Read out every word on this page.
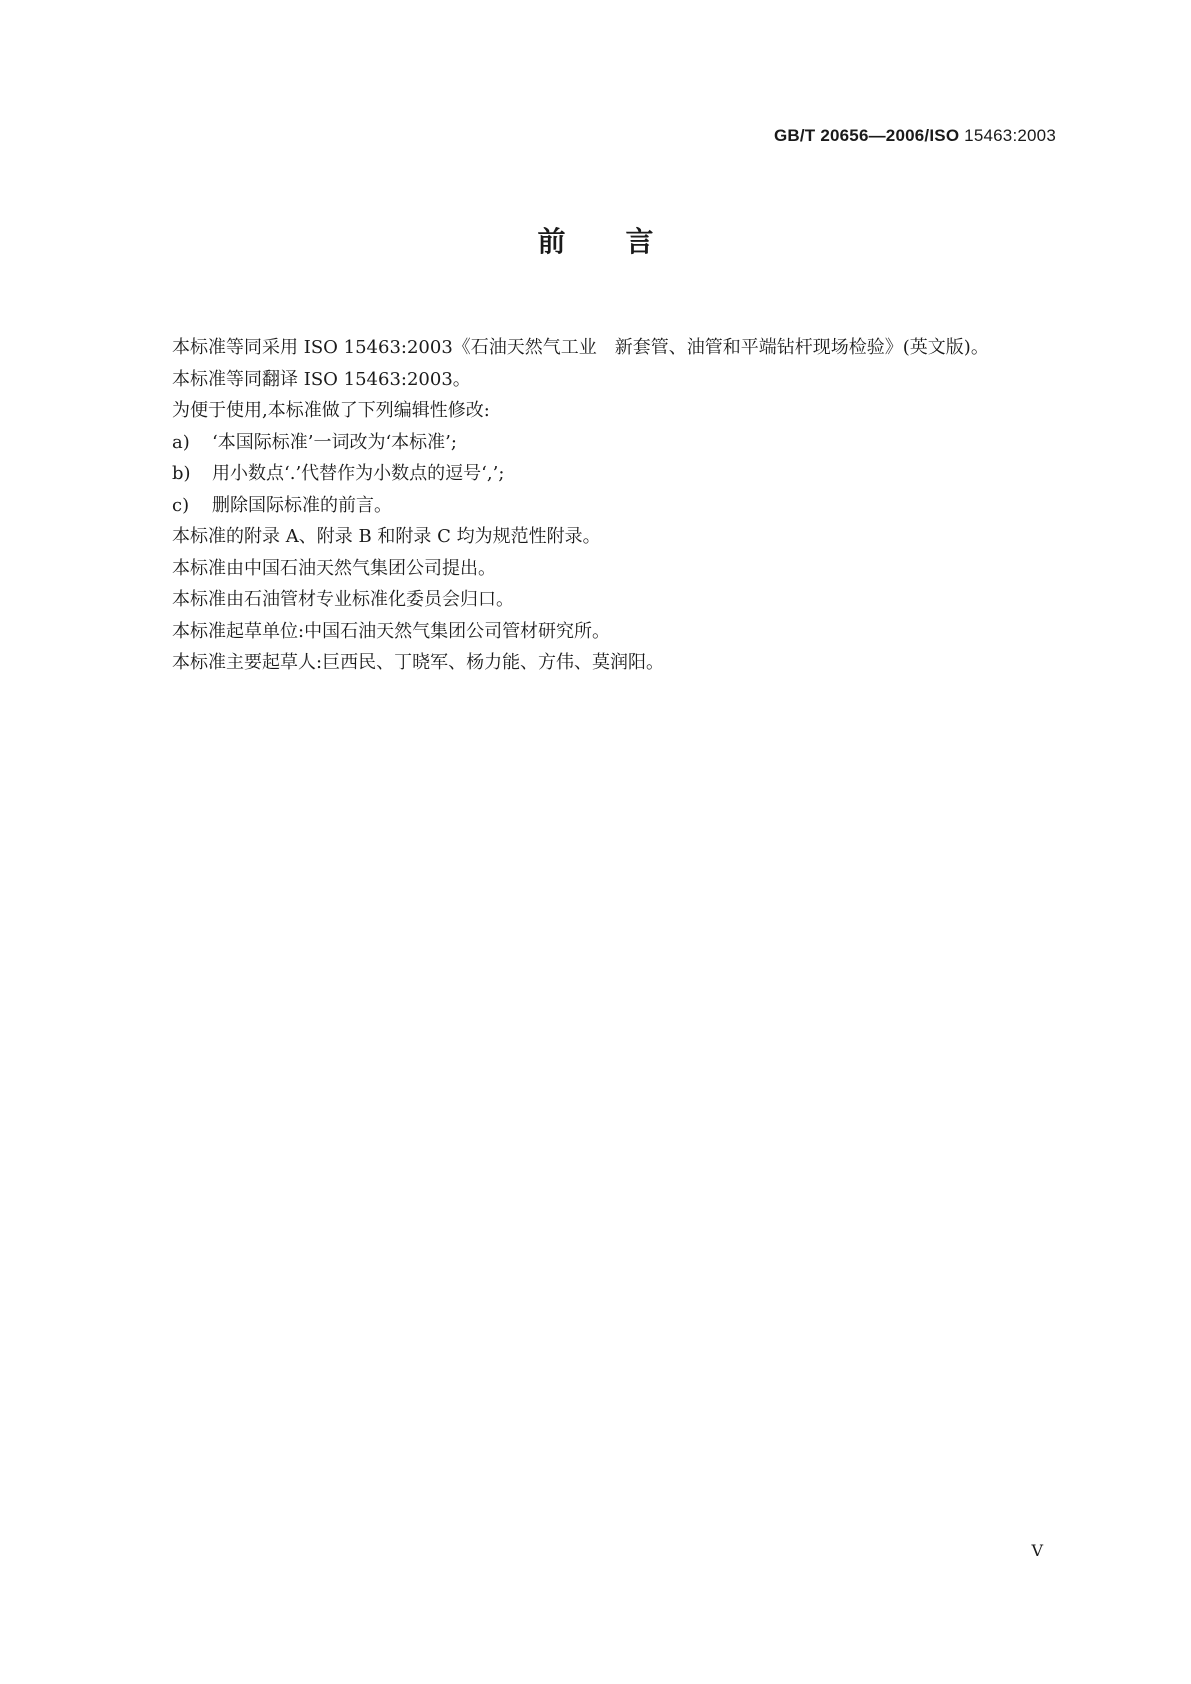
GB/T 20656—2006/ISO 15463:2003
前言

本标准等同采用 ISO 15463:2003《石油天然气工业　新套管、油管和平端钻杆现场检验》(英文版)。

本标准等同翻译 ISO 15463:2003。

为便于使用,本标准做了下列编辑性修改:

a) ‘本国际标准’一词改为‘本标准’;

b) 用小数点‘.’代替作为小数点的逗号‘,’;

c) 删除国际标准的前言。

本标准的附录 A、附录 B 和附录 C 均为规范性附录。

本标准由中国石油天然气集团公司提出。

本标准由石油管材专业标准化委员会归口。

本标准起草单位:中国石油天然气集团公司管材研究所。

本标准主要起草人:巨西民、丁晓军、杨力能、方伟、莫润阳。

V
